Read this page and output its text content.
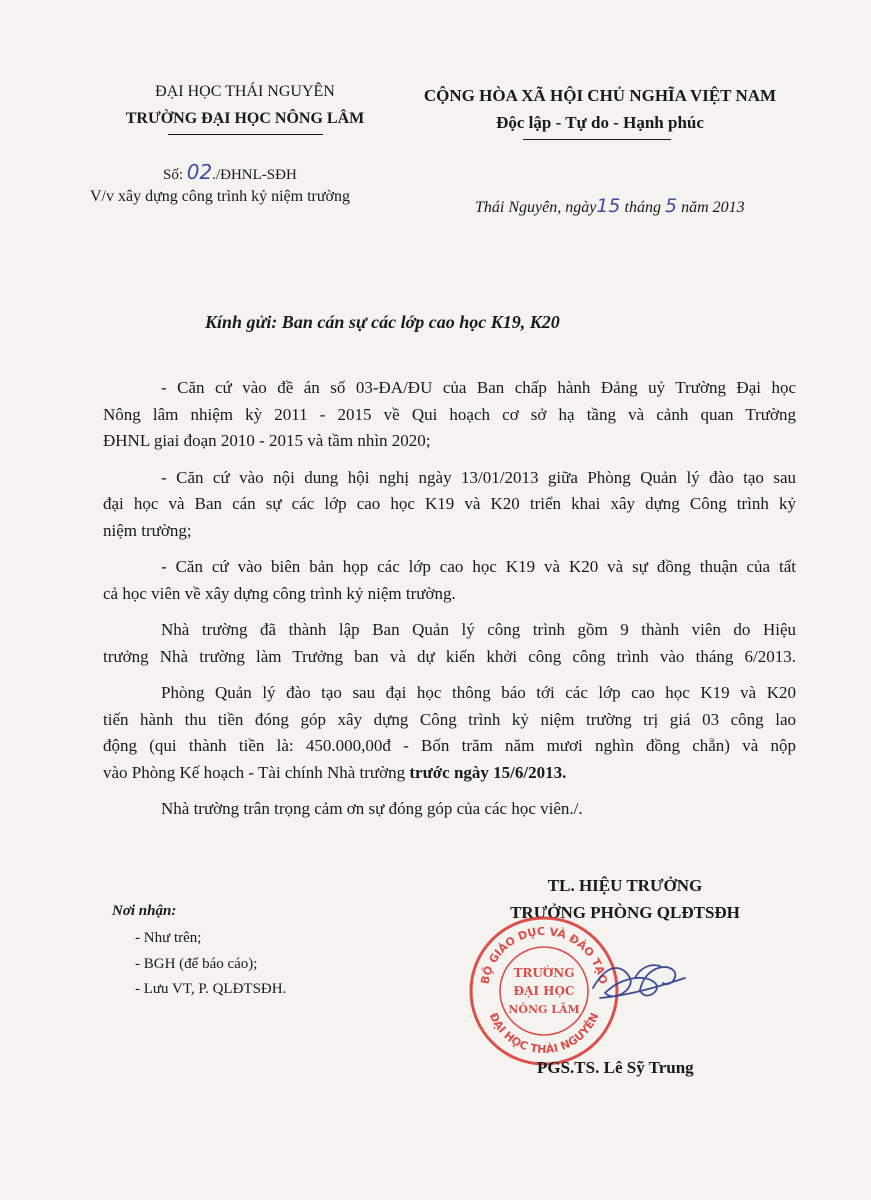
ĐẠI HỌC THÁI NGUYÊN
TRƯỜNG ĐẠI HỌC NÔNG LÂM
Số: 02./ĐHNL-SĐH
V/v xây dựng công trình kỷ niệm trường
CỘNG HÒA XÃ HỘI CHỦ NGHĨA VIỆT NAM
Độc lập - Tự do - Hạnh phúc
Thái Nguyên, ngày15 tháng 5 năm 2013
Kính gửi: Ban cán sự các lớp cao học K19, K20
- Căn cứ vào đề án số 03-ĐA/ĐU của Ban chấp hành Đảng uỷ Trường Đại học
Nông lâm nhiệm kỳ 2011 - 2015 về Qui hoạch cơ sở hạ tầng và cảnh quan Trường
ĐHNL giai đoạn 2010 - 2015 và tầm nhìn 2020;
- Căn cứ vào nội dung hội nghị ngày 13/01/2013 giữa Phòng Quản lý đào tạo sau
đại học và Ban cán sự các lớp cao học K19 và K20 triển khai xây dựng Công trình kỷ
niệm trường;
- Căn cứ vào biên bản họp các lớp cao học K19 và K20 và sự đồng thuận của tất
cả học viên về xây dựng công trình kỷ niệm trường.
Nhà trường đã thành lập Ban Quản lý công trình gồm 9 thành viên do Hiệu
trưởng Nhà trường làm Trưởng ban và dự kiến khởi công công trình vào tháng 6/2013.
Phòng Quản lý đào tạo sau đại học thông báo tới các lớp cao học K19 và K20
tiến hành thu tiền đóng góp xây dựng Công trình kỷ niệm trường trị giá 03 công lao
động (qui thành tiền là: 450.000,00đ - Bốn trăm năm mươi nghìn đồng chẵn) và nộp
vào Phòng Kế hoạch - Tài chính Nhà trường trước ngày 15/6/2013.
Nhà trường trân trọng cảm ơn sự đóng góp của các học viên./.
Nơi nhận:
- Như trên;
- BGH (để báo cáo);
- Lưu VT, P. QLĐTSĐH.
TL. HIỆU TRƯỞNG
TRƯỞNG PHÒNG QLĐTSĐH
BỘ GIÁO DỤC VÀ ĐÀO TẠO
ĐẠI HỌC THÁI NGUYÊN
TRƯỜNG
ĐẠI HỌC
NÔNG LÂM
PGS.TS. Lê Sỹ Trung
